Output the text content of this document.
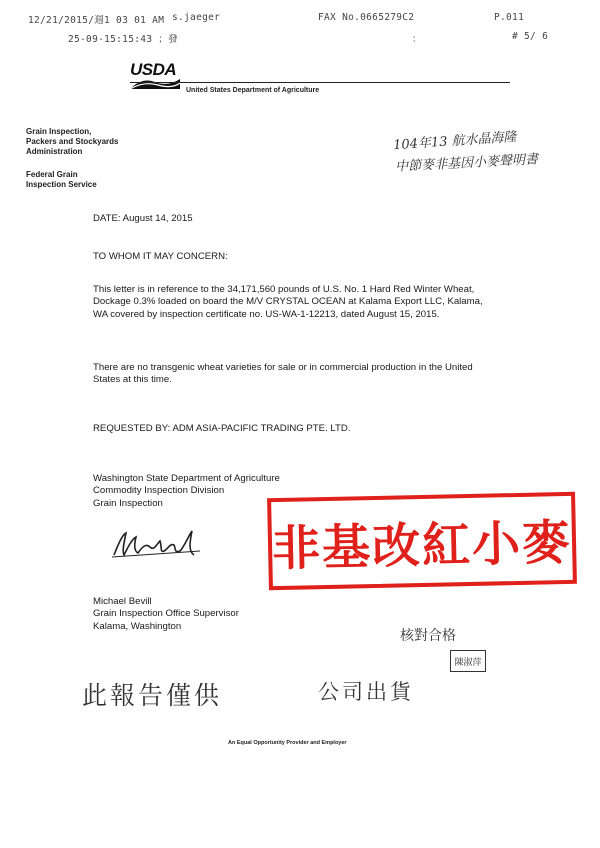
12/21/2015/週1 03 01 AM s.jaeger	FAX No.0665279C2	P.011
25-09-15:15:43 ；發	：	# 5/ 6
USDA
United States Department of Agriculture
Grain Inspection,
Packers and Stockyards
Administration
Federal Grain
Inspection Service
104年13 航水晶海隆
中節麥非基因小麥聲明書
DATE: August 14, 2015
TO WHOM IT MAY CONCERN:
This letter is in reference to the 34,171,560 pounds of U.S. No. 1 Hard Red Winter Wheat, Dockage 0.3% loaded on board the M/V CRYSTAL OCEAN at Kalama Export LLC, Kalama, WA covered by inspection certificate no. US-WA-1-12213, dated August 15, 2015.
There are no transgenic wheat varieties for sale or in commercial production in the United States at this time.
REQUESTED BY: ADM ASIA-PACIFIC TRADING PTE. LTD.
Washington State Department of Agriculture
Commodity Inspection Division
Grain Inspection
Michael Bevill
Grain Inspection Office Supervisor
Kalama, Washington
非基改紅小麥
核對合格
陳淑萍
此報告僅供	公司出貨
An Equal Opportunity Provider and Employer
